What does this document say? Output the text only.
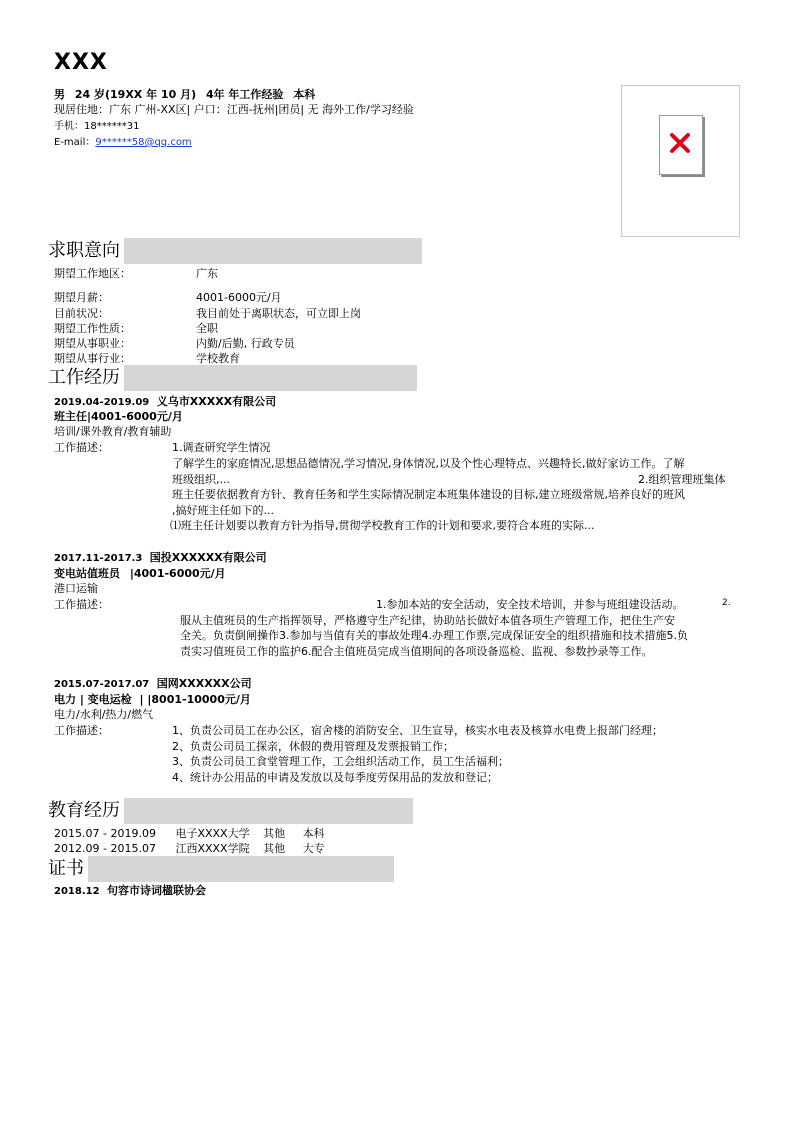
XXX
男 24 岁(19XX 年 10 月) 4年 年工作经验 本科
现居住地：广东 广州-XX区| 户口：江西-抚州|团员| 无 海外工作/学习经验
手机：18******31
E-mail：9******58@qq.com
求职意向
期望工作地区：	广东
期望月薪：	4001-6000元/月
目前状况：	我目前处于离职状态，可立即上岗
期望工作性质：	全职
期望从事职业：	内勤/后勤, 行政专员
期望从事行业：	学校教育
工作经历
2019.04-2019.09 义乌市XXXXX有限公司
班主任|4001-6000元/月
培训/课外教育/教育辅助
工作描述：	1.调查研究学生情况
了解学生的家庭情况,思想品德情况,学习情况,身体情况,以及个性心理特点、兴趣特长,做好家访工作。了解
班级组织,...	2.组织管理班集体
班主任要依据教育方针、教育任务和学生实际情况制定本班集体建设的目标,建立班级常规,培养良好的班风
,搞好班主任如下的...
⑴班主任计划要以教育方针为指导,贯彻学校教育工作的计划和要求,要符合本班的实际...
2017.11-2017.3 国投XXXXXX有限公司
变电站值班员 |4001-6000元/月
港口运输
工作描述：	1.参加本站的安全活动，安全技术培训，并参与班组建设活动。	2.
服从主值班员的生产指挥领导，严格遵守生产纪律，协助站长做好本值各项生产管理工作，把住生产安
全关。负责倒闸操作3.参加与当值有关的事故处理4.办理工作票,完成保证安全的组织措施和技术措施5.负
责实习值班员工作的监护6.配合主值班员完成当值期间的各项设备巡检、监视、参数抄录等工作。
2015.07-2017.07 国网XXXXXX公司
电力 | 变电运检 | |8001-10000元/月
电力/水利/热力/燃气
工作描述：	1、负责公司员工在办公区，宿舍楼的消防安全、卫生宣导，核实水电表及核算水电费上报部门经理；
2、负责公司员工探亲，休假的费用管理及发票报销工作；
3、负责公司员工食堂管理工作，工会组织活动工作，员工生活福利；
4、统计办公用品的申请及发放以及每季度劳保用品的发放和登记；
教育经历
2015.07 - 2019.09 电子XXXX大学 其他 本科
2012.09 - 2015.07 江西XXXX学院 其他 大专
证书
2018.12 句容市诗词楹联协会
